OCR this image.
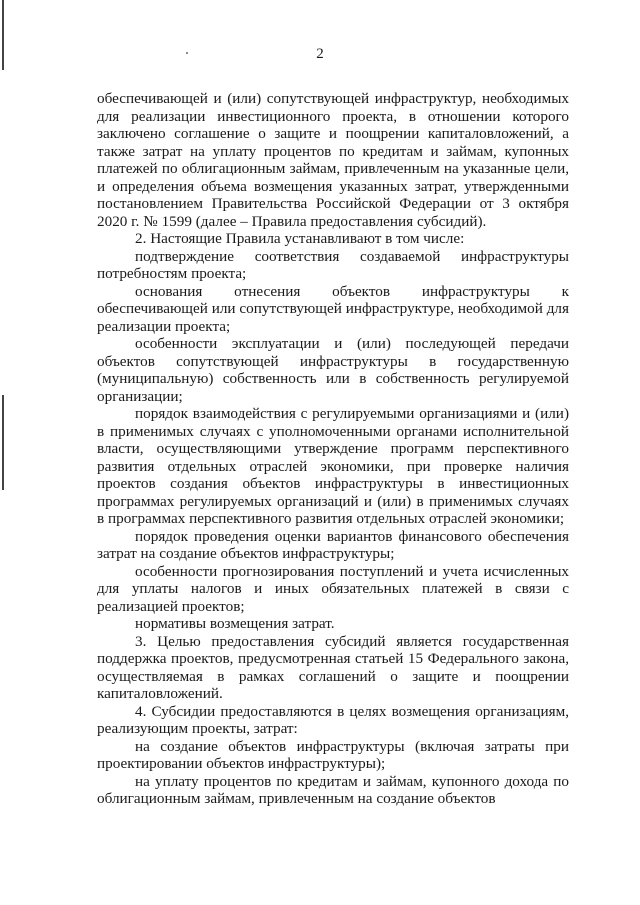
2

обеспечивающей и (или) сопутствующей инфраструктур, необходимых для реализации инвестиционного проекта, в отношении которого заключено соглашение о защите и поощрении капиталовложений, а также затрат на уплату процентов по кредитам и займам, купонных платежей по облигационным займам, привлеченным на указанные цели, и определения объема возмещения указанных затрат, утвержденными постановлением Правительства Российской Федерации от 3 октября 2020 г. № 1599 (далее – Правила предоставления субсидий).

2. Настоящие Правила устанавливают в том числе:

подтверждение соответствия создаваемой инфраструктуры потребностям проекта;

основания отнесения объектов инфраструктуры к обеспечивающей или сопутствующей инфраструктуре, необходимой для реализации проекта;

особенности эксплуатации и (или) последующей передачи объектов сопутствующей инфраструктуры в государственную (муниципальную) собственность или в собственность регулируемой организации;

порядок взаимодействия с регулируемыми организациями и (или) в применимых случаях с уполномоченными органами исполнительной власти, осуществляющими утверждение программ перспективного развития отдельных отраслей экономики, при проверке наличия проектов создания объектов инфраструктуры в инвестиционных программах регулируемых организаций и (или) в применимых случаях в программах перспективного развития отдельных отраслей экономики;

порядок проведения оценки вариантов финансового обеспечения затрат на создание объектов инфраструктуры;

особенности прогнозирования поступлений и учета исчисленных для уплаты налогов и иных обязательных платежей в связи с реализацией проектов;

нормативы возмещения затрат.

3. Целью предоставления субсидий является государственная поддержка проектов, предусмотренная статьей 15 Федерального закона, осуществляемая в рамках соглашений о защите и поощрении капиталовложений.

4. Субсидии предоставляются в целях возмещения организациям, реализующим проекты, затрат:

на создание объектов инфраструктуры (включая затраты при проектировании объектов инфраструктуры);

на уплату процентов по кредитам и займам, купонного дохода по облигационным займам, привлеченным на создание объектов
